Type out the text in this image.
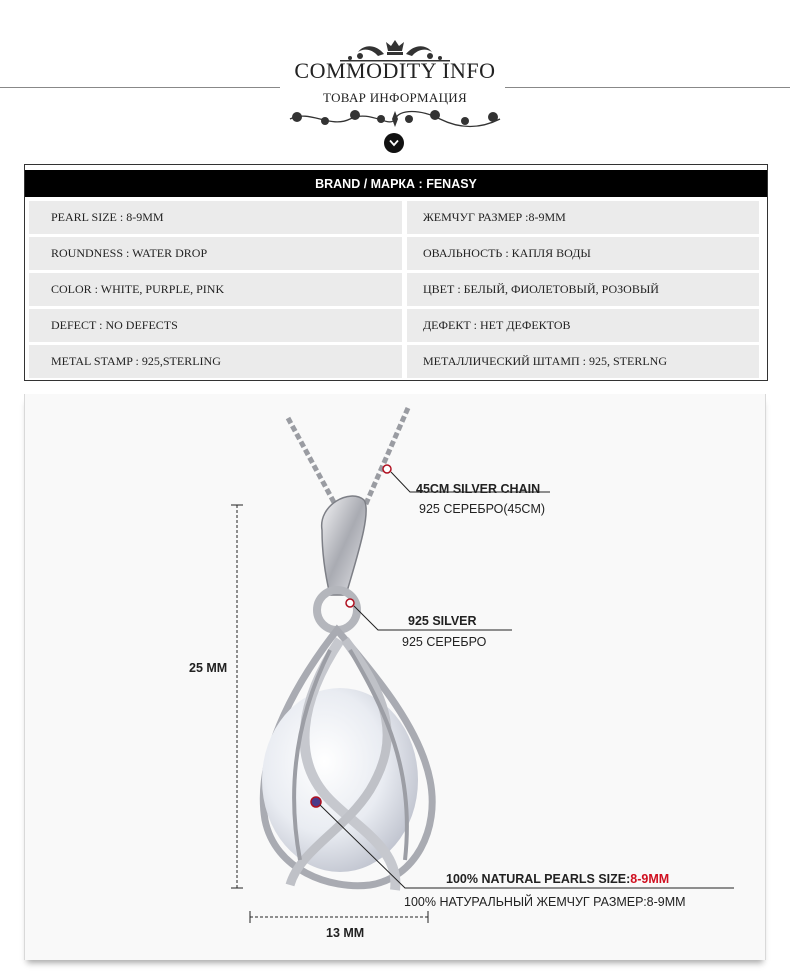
COMMODITY INFO
ТОВАР ИНФОРМАЦИЯ
BRAND / МАРКА : FENASY
PEARL SIZE : 8-9MM	ЖЕМЧУГ РАЗМЕР :8-9MM
ROUNDNESS : WATER DROP	ОВАЛЬНОСТЬ : КАПЛЯ ВОДЫ
COLOR : WHITE, PURPLE, PINK	ЦВЕТ : БЕЛЫЙ, ФИОЛЕТОВЫЙ, РОЗОВЫЙ
DEFECT : NO DEFECTS	ДЕФЕКТ : НЕТ ДЕФЕКТОВ
METAL STAMP : 925,STERLING	МЕТАЛЛИЧЕСКИЙ ШТАМП : 925, STERLNG
45CM SILVER CHAIN
925 СЕРЕБРО(45CM)
925 SILVER
925 СЕРЕБРО
25 MM
100% NATURAL PEARLS SIZE:8-9MM
100% НАТУРАЛЬНЫЙ ЖЕМЧУГ РАЗМЕР:8-9MM
13 MM
